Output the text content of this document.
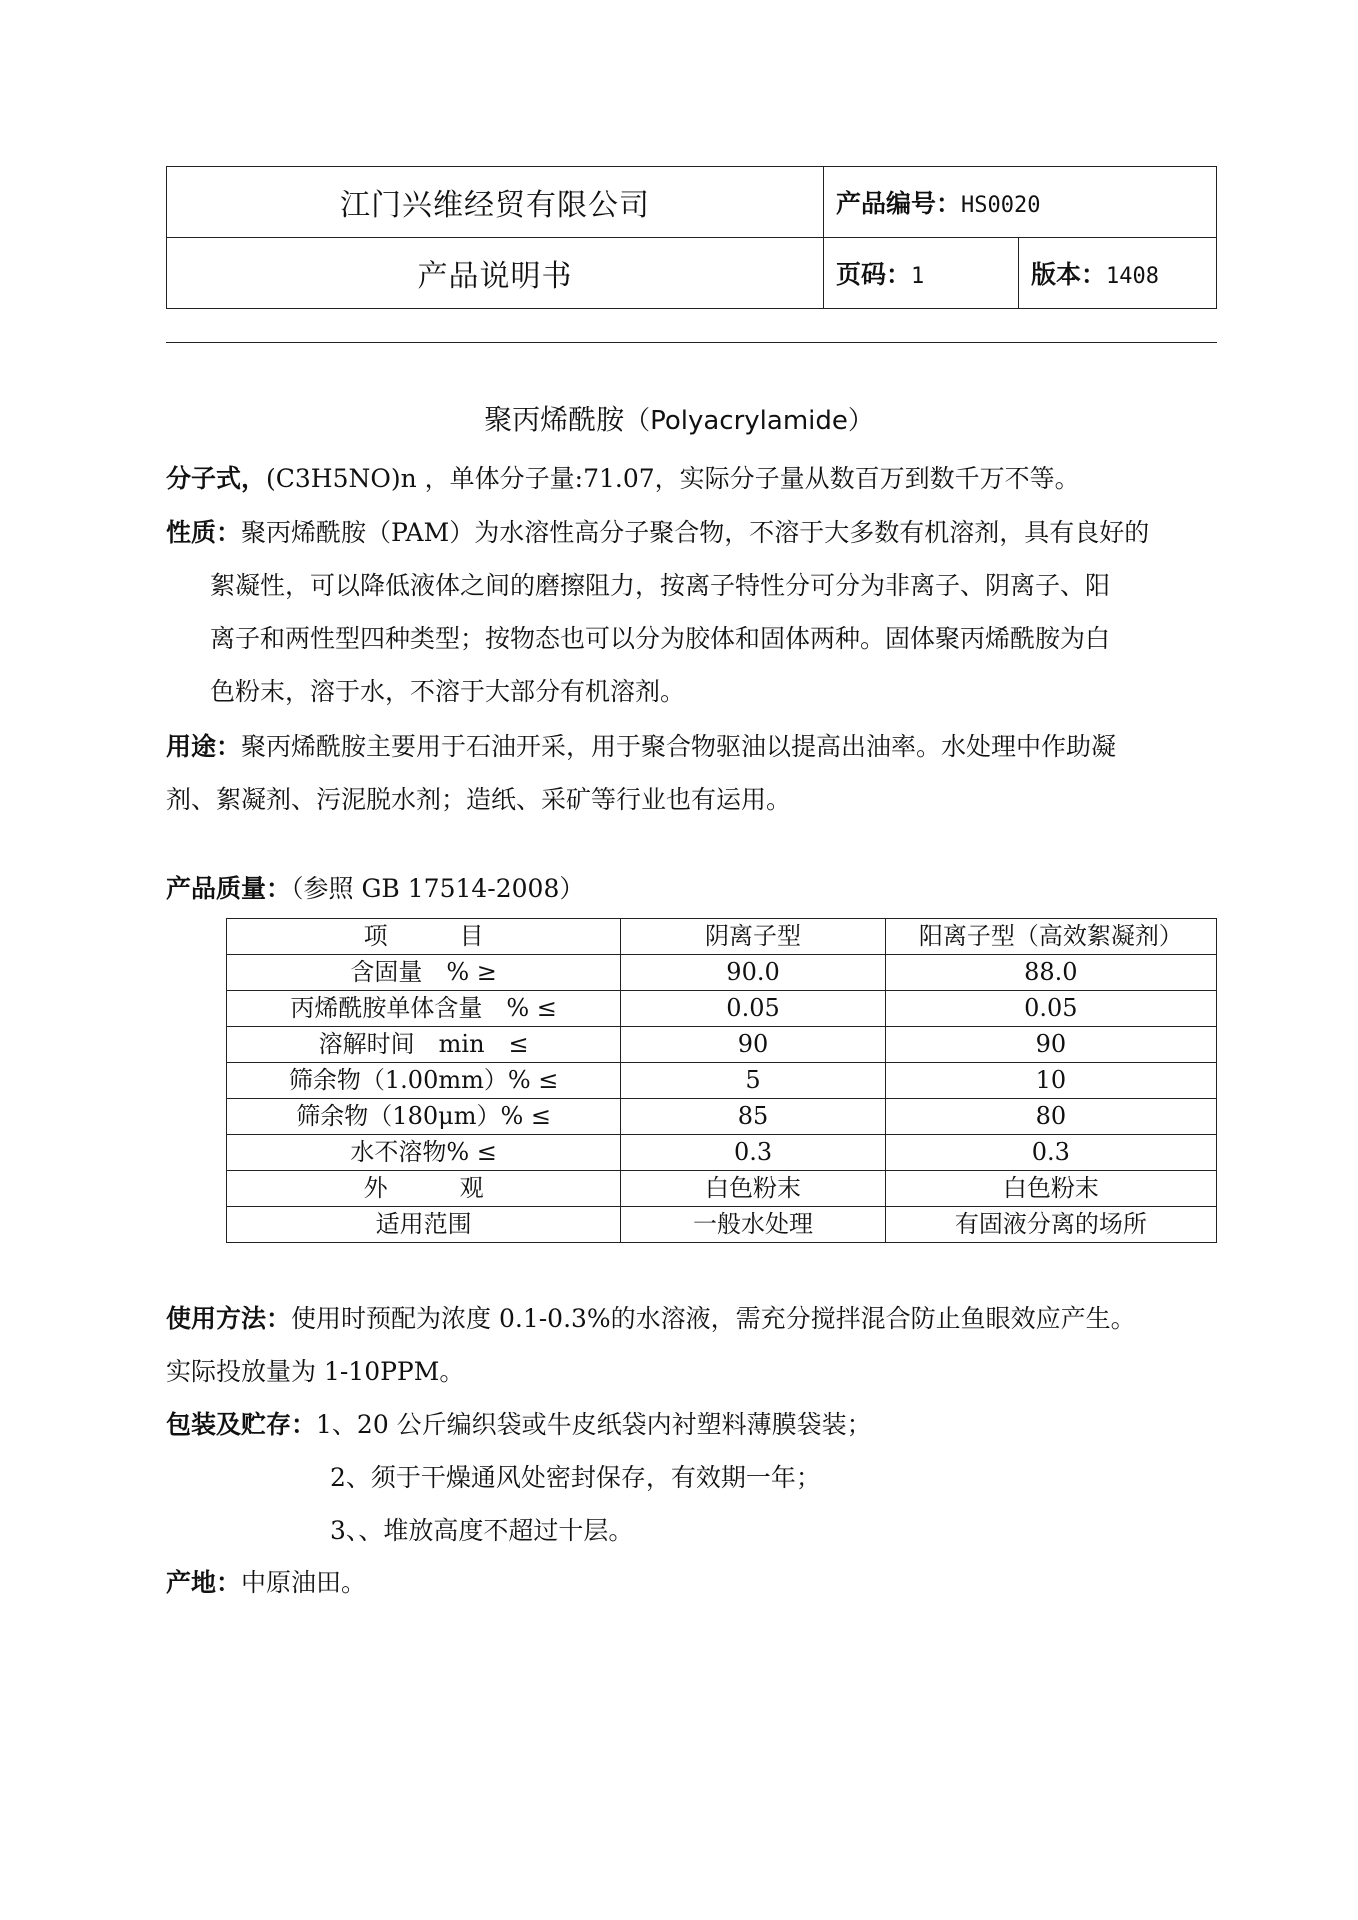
江门兴维经贸有限公司	产品编号：HS0020	
产品说明书	页码：1	版本：1408
聚丙烯酰胺（Polyacrylamide）
分子式，(C3H5NO)n ，单体分子量:71.07，实际分子量从数百万到数千万不等。
性质：聚丙烯酰胺（PAM）为水溶性高分子聚合物，不溶于大多数有机溶剂，具有良好的
絮凝性，可以降低液体之间的磨擦阻力，按离子特性分可分为非离子、阴离子、阳
离子和两性型四种类型；按物态也可以分为胶体和固体两种。固体聚丙烯酰胺为白
色粉末，溶于水，不溶于大部分有机溶剂。
用途：聚丙烯酰胺主要用于石油开采，用于聚合物驱油以提高出油率。水处理中作助凝
剂、絮凝剂、污泥脱水剂；造纸、采矿等行业也有运用。
产品质量：（参照 GB 17514-2008）
项　　　目	阴离子型	阳离子型（高效絮凝剂）
含固量　% ≥	90.0	88.0
丙烯酰胺单体含量　% ≤	0.05	0.05
溶解时间　min　≤	90	90
筛余物（1.00mm）% ≤	5	10
筛余物（180μm）% ≤	85	80
水不溶物% ≤	0.3	0.3
外　　　观	白色粉末	白色粉末
适用范围	一般水处理	有固液分离的场所
使用方法：使用时预配为浓度 0.1-0.3%的水溶液，需充分搅拌混合防止鱼眼效应产生。
实际投放量为 1-10PPM。
包装及贮存：1、20 公斤编织袋或牛皮纸袋内衬塑料薄膜袋装；
2、须于干燥通风处密封保存，有效期一年；
3、、堆放高度不超过十层。
产地：中原油田。
